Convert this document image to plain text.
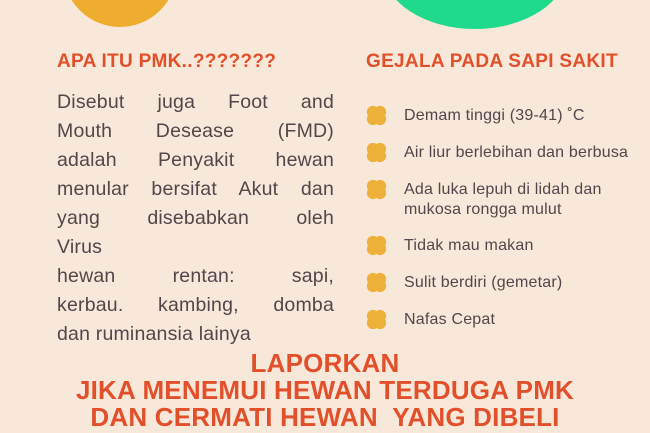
APA ITU PMK..???????
Disebut juga Foot and
Mouth Desease (FMD)
adalah Penyakit hewan
menular bersifat Akut dan
yang disebabkan oleh
Virus
hewan rentan: sapi,
kerbau. kambing, domba
dan ruminansia lainya
GEJALA PADA SAPI SAKIT
Demam tinggi (39-41) ˚C
Air liur berlebihan dan berbusa
Ada luka lepuh di lidah dan mukosa rongga mulut
Tidak mau makan
Sulit berdiri (gemetar)
Nafas Cepat
LAPORKAN
JIKA MENEMUI HEWAN TERDUGA PMK
DAN CERMATI HEWAN  YANG DIBELI
